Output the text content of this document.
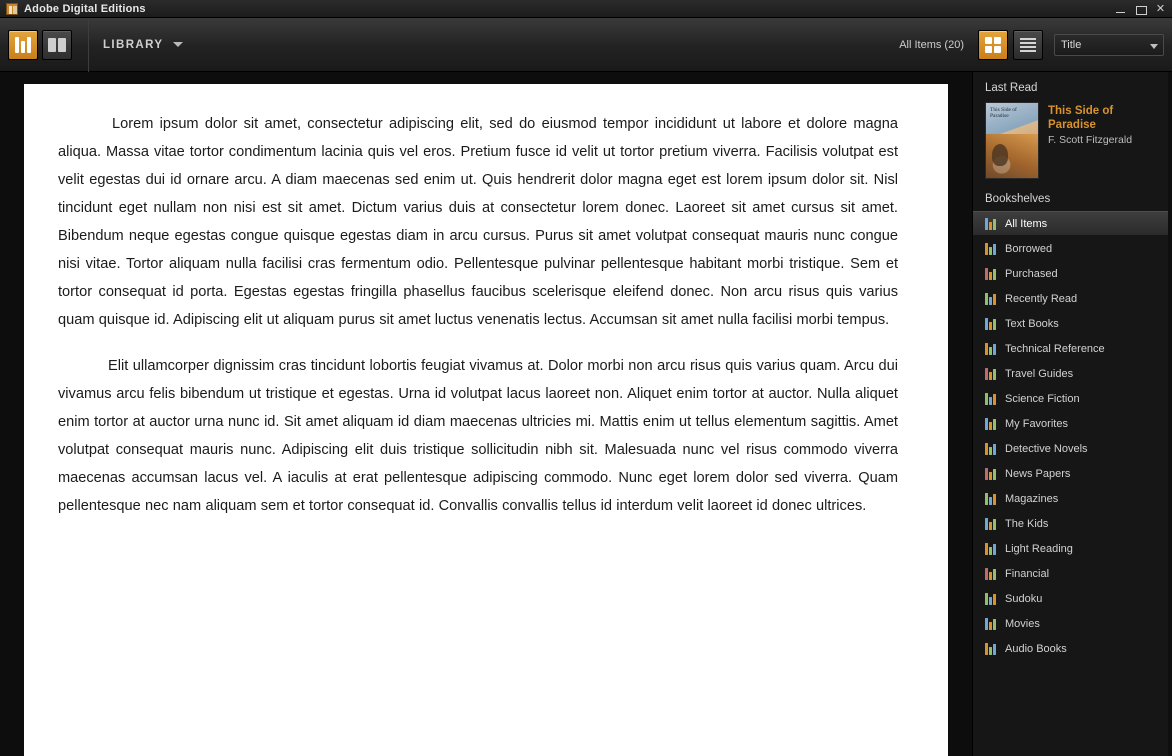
Adobe Digital Editions	✕
LIBRARY	All Items (20)	Title

Lorem ipsum dolor sit amet, consectetur adipiscing elit, sed do eiusmod tempor incididunt ut labore et dolore magna aliqua. Massa vitae tortor condimentum lacinia quis vel eros. Pretium fusce id velit ut tortor pretium viverra. Facilisis volutpat est velit egestas dui id ornare arcu. A diam maecenas sed enim ut. Quis hendrerit dolor magna eget est lorem ipsum dolor sit. Nisl tincidunt eget nullam non nisi est sit amet. Dictum varius duis at consectetur lorem donec. Laoreet sit amet cursus sit amet. Bibendum neque egestas congue quisque egestas diam in arcu cursus. Purus sit amet volutpat consequat mauris nunc congue nisi vitae. Tortor aliquam nulla facilisi cras fermentum odio. Pellentesque pulvinar pellentesque habitant morbi tristique. Sem et tortor consequat id porta. Egestas egestas fringilla phasellus faucibus scelerisque eleifend donec. Non arcu risus quis varius quam quisque id. Adipiscing elit ut aliquam purus sit amet luctus venenatis lectus. Accumsan sit amet nulla facilisi morbi tempus.

Elit ullamcorper dignissim cras tincidunt lobortis feugiat vivamus at. Dolor morbi non arcu risus quis varius quam. Arcu dui vivamus arcu felis bibendum ut tristique et egestas. Urna id volutpat lacus laoreet non. Aliquet enim tortor at auctor. Nulla aliquet enim tortor at auctor urna nunc id. Sit amet aliquam id diam maecenas ultricies mi. Mattis enim ut tellus elementum sagittis. Amet volutpat consequat mauris nunc. Adipiscing elit duis tristique sollicitudin nibh sit. Malesuada nunc vel risus commodo viverra maecenas accumsan lacus vel. A iaculis at erat pellentesque adipiscing commodo. Nunc eget lorem dolor sed viverra. Quam pellentesque nec nam aliquam sem et tortor consequat id. Convallis convallis tellus id interdum velit laoreet id donec ultrices.

Last Read
This Side of Paradise	This Side of Paradise
F. Scott Fitzgerald
Bookshelves
All Items
Borrowed
Purchased
Recently Read
Text Books
Technical Reference
Travel Guides
Science Fiction
My Favorites
Detective Novels
News Papers
Magazines
The Kids
Light Reading
Financial
Sudoku
Movies
Audio Books
